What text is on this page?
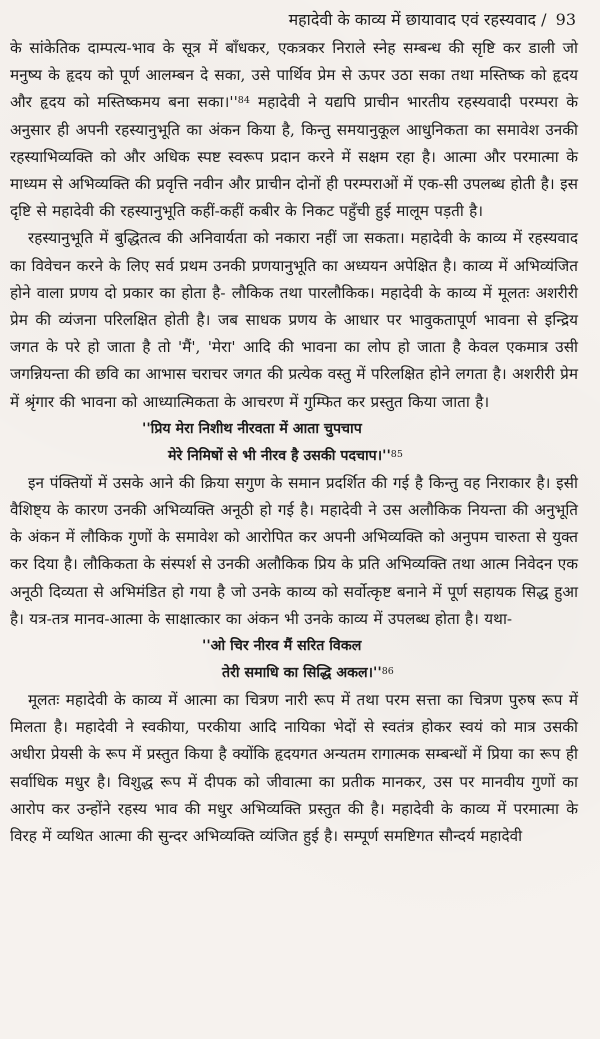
महादेवी के काव्य में छायावाद एवं रहस्यवाद / 93

के सांकेतिक दाम्पत्य-भाव के सूत्र में बाँधकर, एकत्रकर निराले स्नेह सम्बन्ध की सृष्टि कर डाली जो मनुष्य के हृदय को पूर्ण आलम्बन दे सका, उसे पार्थिव प्रेम से ऊपर उठा सका तथा मस्तिष्क को हृदय और हृदय को मस्तिष्कमय बना $सका।''^{84}$ महादेवी ने यद्यपि प्राचीन भारतीय रहस्यवादी परम्परा के अनुसार ही अपनी रहस्यानुभूति का अंकन किया है, किन्तु समयानुकूल आधुनिकता का समावेश उनकी रहस्याभिव्यक्ति को और अधिक स्पष्ट स्वरूप प्रदान करने में सक्षम रहा है। आत्मा और परमात्मा के माध्यम से अभिव्यक्ति की प्रवृत्ति नवीन और प्राचीन दोनों ही परम्पराओं में एक-सी उपलब्ध होती है। इस दृष्टि से महादेवी की रहस्यानुभूति कहीं-कहीं कबीर के निकट पहुँची हुई मालूम पड़ती है।

रहस्यानुभूति में बुद्धितत्व की अनिवार्यता को नकारा नहीं जा सकता। महादेवी के काव्य में रहस्यवाद का विवेचन करने के लिए सर्व प्रथम उनकी प्रणयानुभूति का अध्ययन अपेक्षित है। काव्य में अभिव्यंजित होने वाला प्रणय दो प्रकार का होता है- लौकिक तथा पारलौकिक। महादेवी के काव्य में मूलतः अशरीरी प्रेम की व्यंजना परिलक्षित होती है। जब साधक प्रणय के आधार पर भावुकतापूर्ण भावना से इन्द्रिय जगत के परे हो जाता है तो 'मैं', 'मेरा' आदि की भावना का लोप हो जाता है केवल एकमात्र उसी जगन्नियन्ता की छवि का आभास चराचर जगत की प्रत्येक वस्तु में परिलक्षित होने लगता है। अशरीरी प्रेम में श्रृंगार की भावना को आध्यात्मिकता के आचरण में गुम्फित कर प्रस्तुत किया जाता है।

''प्रिय मेरा निशीथ नीरवता में आता चुपचाप

मेरे निमिषों से भी नीरव है उसकी $पदचाप।''^{85}$

इन पंक्तियों में उसके आने की क्रिया सगुण के समान प्रदर्शित की गई है किन्तु वह निराकार है। इसी वैशिष्ट्य के कारण उनकी अभिव्यक्ति अनूठी हो गई है। महादेवी ने उस अलौकिक नियन्ता की अनुभूति के अंकन में लौकिक गुणों के समावेश को आरोपित कर अपनी अभिव्यक्ति को अनुपम चारुता से युक्त कर दिया है। लौकिकता के संस्पर्श से उनकी अलौकिक प्रिय के प्रति अभिव्यक्ति तथा आत्म निवेदन एक अनूठी दिव्यता से अभिमंडित हो गया है जो उनके काव्य को सर्वोत्कृष्ट बनाने में पूर्ण सहायक सिद्ध हुआ है। यत्र-तत्र मानव-आत्मा के साक्षात्कार का अंकन भी उनके काव्य में उपलब्ध होता है। यथा-

''ओ चिर नीरव मैं सरित विकल

तेरी समाधि का सिद्धि $अकल।''^{86}$

मूलतः महादेवी के काव्य में आत्मा का चित्रण नारी रूप में तथा परम सत्ता का चित्रण पुरुष रूप में मिलता है। महादेवी ने स्वकीया, परकीया आदि नायिका भेदों से स्वतंत्र होकर स्वयं को मात्र उसकी अधीरा प्रेयसी के रूप में प्रस्तुत किया है क्योंकि हृदयगत अन्यतम रागात्मक सम्बन्धों में प्रिया का रूप ही सर्वाधिक मधुर है। विशुद्ध रूप में दीपक को जीवात्मा का प्रतीक मानकर, उस पर मानवीय गुणों का आरोप कर उन्होंने रहस्य भाव की मधुर अभिव्यक्ति प्रस्तुत की है। महादेवी के काव्य में परमात्मा के विरह में व्यथित आत्मा की सुन्दर अभिव्यक्ति व्यंजित हुई है। सम्पूर्ण समष्टिगत सौन्दर्य महादेवी
